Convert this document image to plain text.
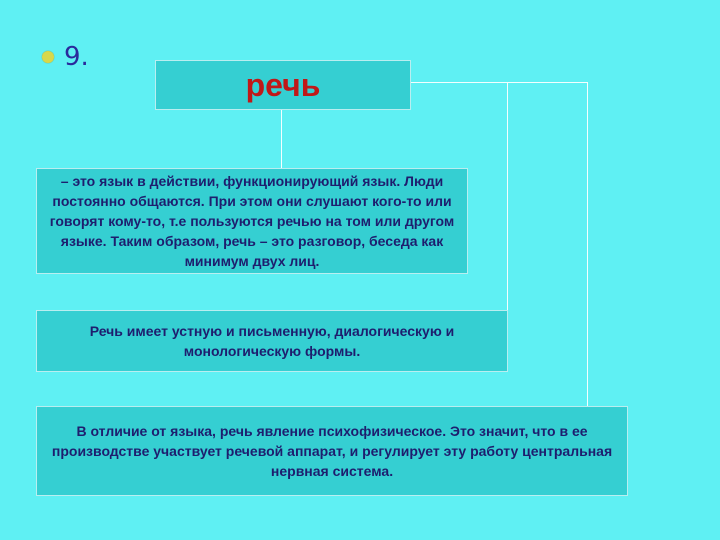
9.
речь
– это язык в действии, функционирующий язык. Люди постоянно общаются. При этом они слушают кого-то или говорят кому-то, т.е пользуются речью на том или другом языке. Таким образом, речь – это разговор, беседа как минимум двух лиц.
Речь имеет устную и письменную, диалогическую и монологическую формы.
В отличие от языка, речь явление психофизическое. Это значит, что в ее производстве участвует речевой аппарат, и регулирует эту работу центральная нервная система.
